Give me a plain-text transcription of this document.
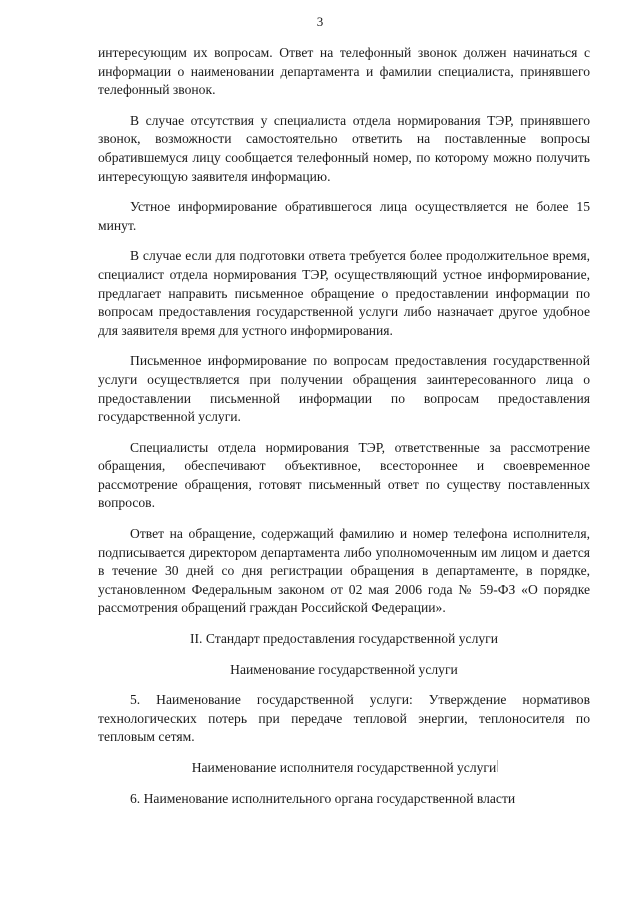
3

интересующим их вопросам. Ответ на телефонный звонок должен начинаться с информации о наименовании департамента и фамилии специалиста, принявшего телефонный звонок.

В случае отсутствия у специалиста отдела нормирования ТЭР, принявшего звонок, возможности самостоятельно ответить на поставленные вопросы обратившемуся лицу сообщается телефонный номер, по которому можно получить интересующую заявителя информацию.

Устное информирование обратившегося лица осуществляется не более 15 минут.

В случае если для подготовки ответа требуется более продолжительное время, специалист отдела нормирования ТЭР, осуществляющий устное информирование, предлагает направить письменное обращение о предоставлении информации по вопросам предоставления государственной услуги либо назначает другое удобное для заявителя время для устного информирования.

Письменное информирование по вопросам предоставления государственной услуги осуществляется при получении обращения заинтересованного лица о предоставлении письменной информации по вопросам предоставления государственной услуги.

Специалисты отдела нормирования ТЭР, ответственные за рассмотрение обращения, обеспечивают объективное, всестороннее и своевременное рассмотрение обращения, готовят письменный ответ по существу поставленных вопросов.

Ответ на обращение, содержащий фамилию и номер телефона исполнителя, подписывается директором департамента либо уполномоченным им лицом и дается в течение 30 дней со дня регистрации обращения в департаменте, в порядке, установленном Федеральным законом от 02 мая 2006 года № 59-ФЗ «О порядке рассмотрения обращений граждан Российской Федерации».

II. Стандарт предоставления государственной услуги

Наименование государственной услуги

5. Наименование государственной услуги: Утверждение нормативов технологических потерь при передаче тепловой энергии, теплоносителя по тепловым сетям.

Наименование исполнителя государственной услуги

6. Наименование исполнительного органа государственной власти
